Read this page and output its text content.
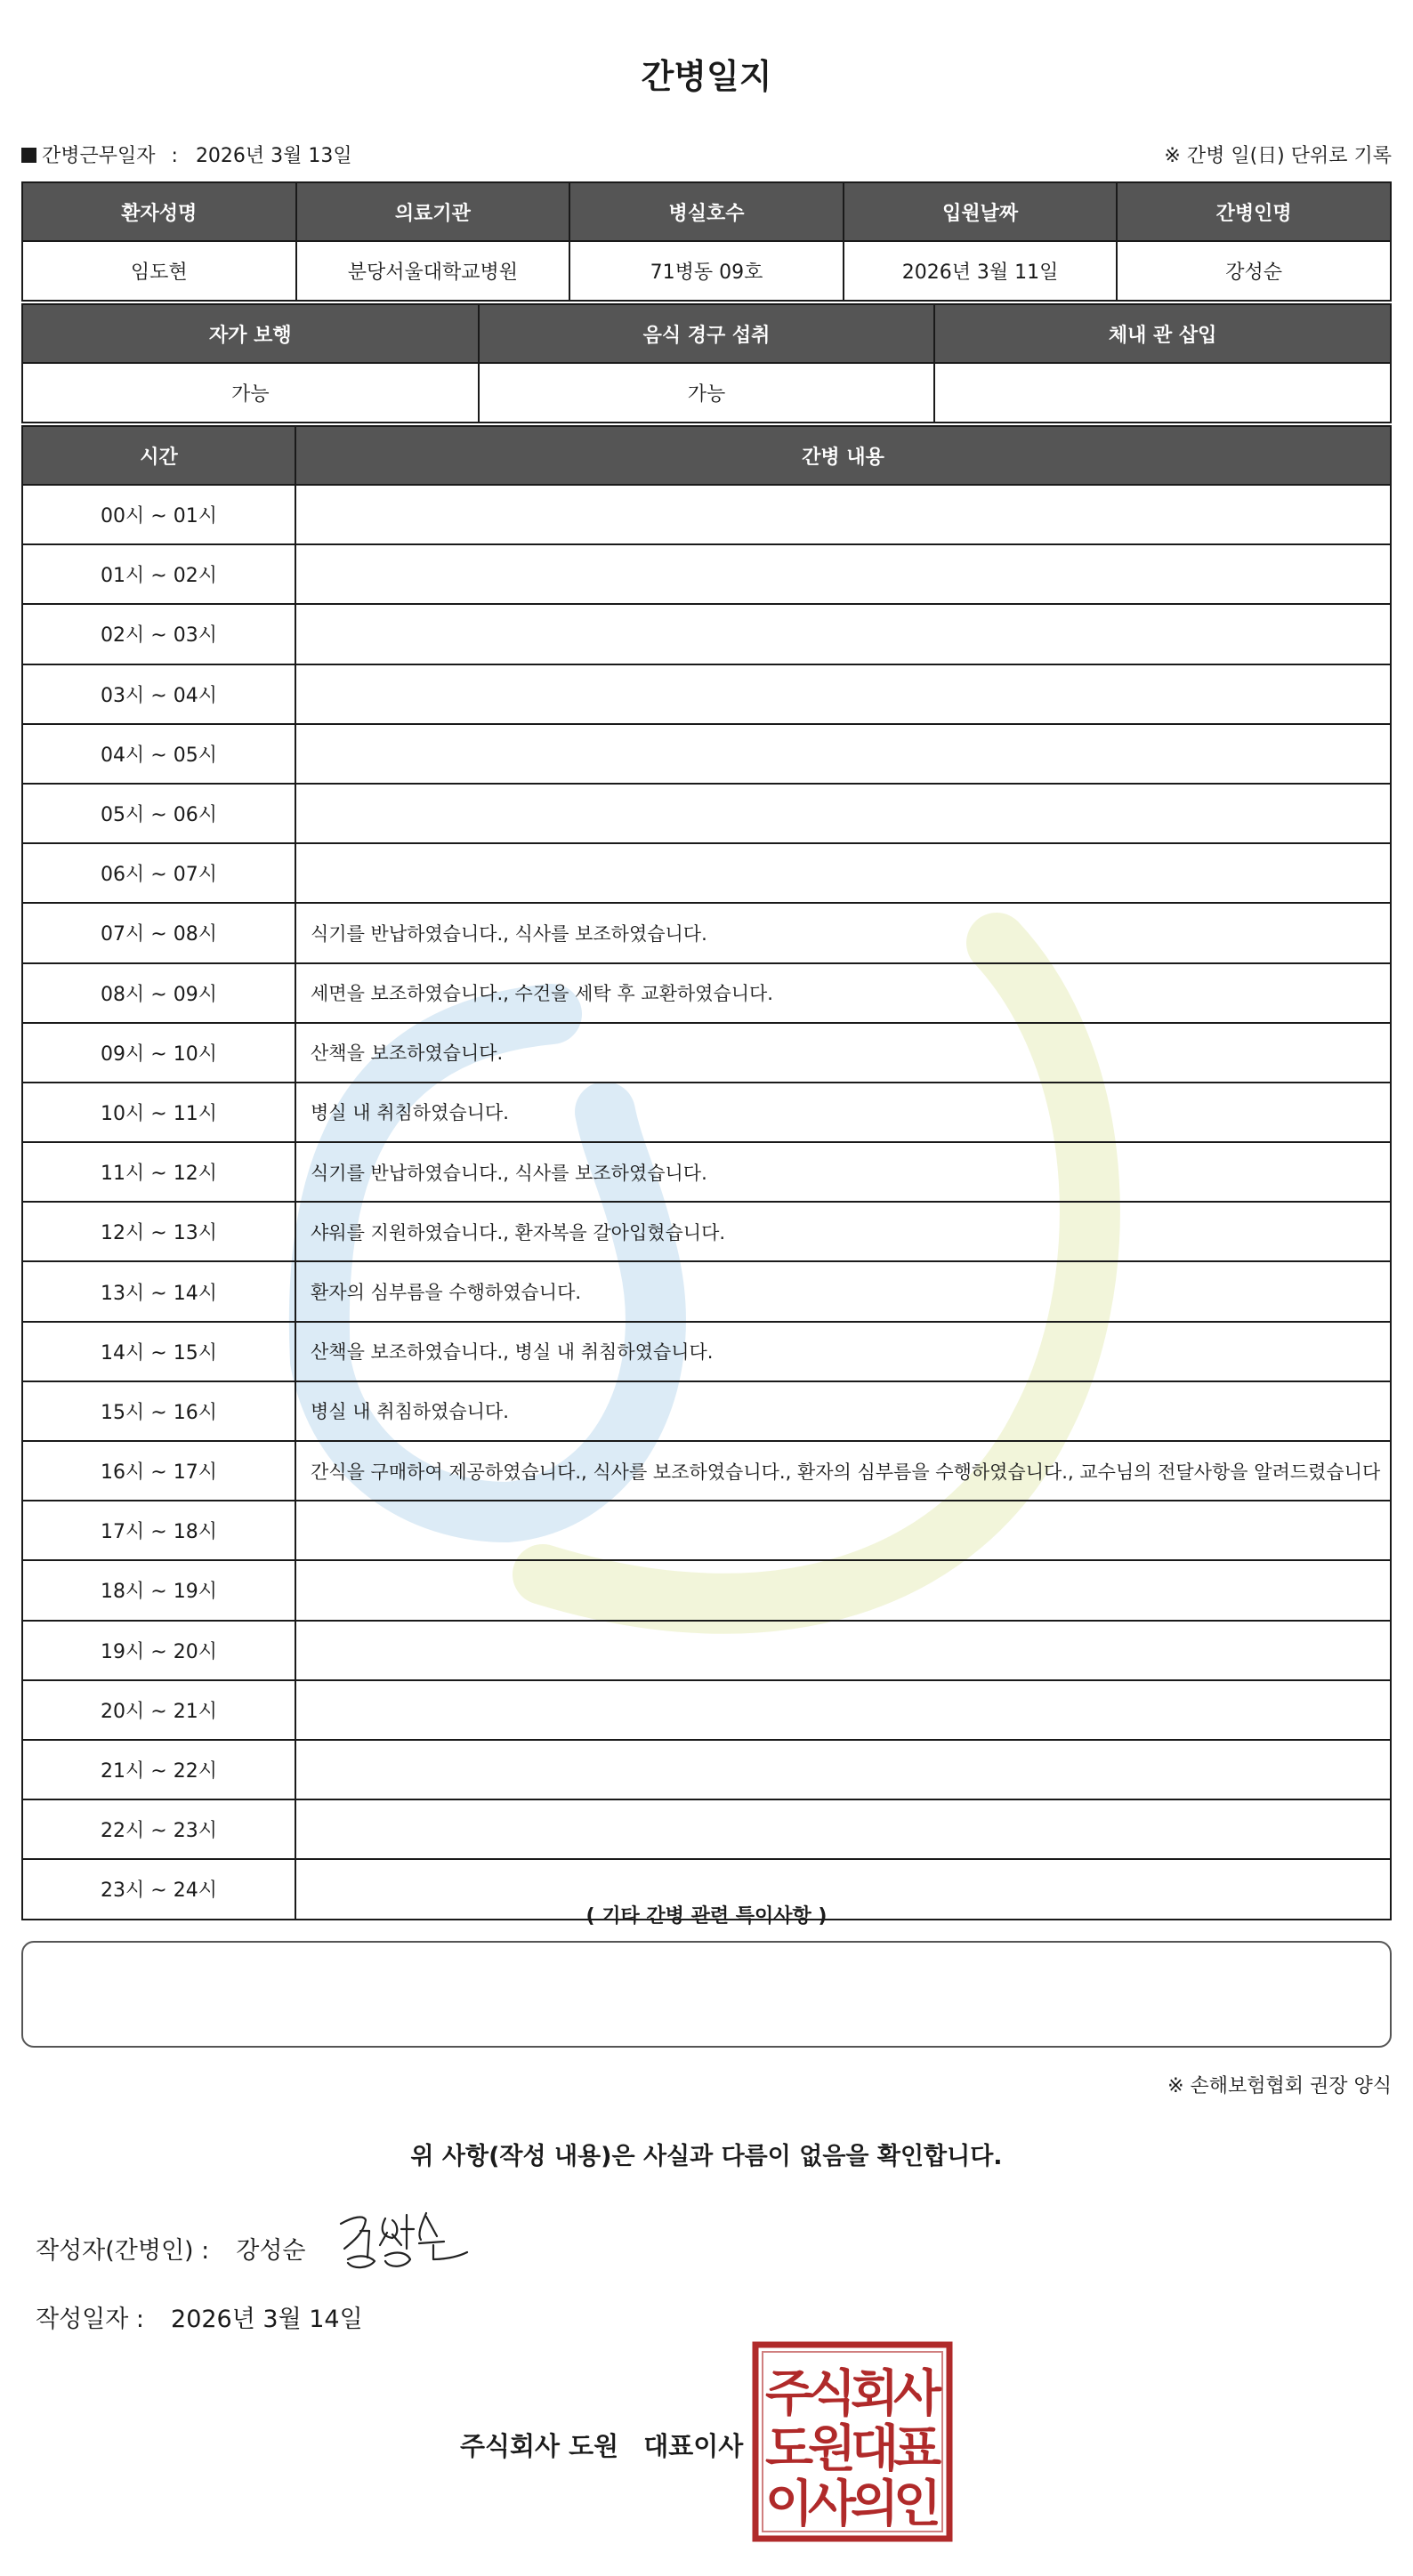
간병일지
간병근무일자 : 2026년 3월 13일	※ 간병 일(日) 단위로 기록
환자성명	의료기관	병실호수	입원날짜	간병인명
임도현	분당서울대학교병원	71병동 09호	2026년 3월 11일	강성순
자가 보행	음식 경구 섭취	체내 관 삽입
가능	가능	
시간	간병 내용
00시 ~ 01시	
01시 ~ 02시	
02시 ~ 03시	
03시 ~ 04시	
04시 ~ 05시	
05시 ~ 06시	
06시 ~ 07시	
07시 ~ 08시	식기를 반납하였습니다., 식사를 보조하였습니다.
08시 ~ 09시	세면을 보조하였습니다., 수건을 세탁 후 교환하였습니다.
09시 ~ 10시	산책을 보조하였습니다.
10시 ~ 11시	병실 내 취침하였습니다.
11시 ~ 12시	식기를 반납하였습니다., 식사를 보조하였습니다.
12시 ~ 13시	샤워를 지원하였습니다., 환자복을 갈아입혔습니다.
13시 ~ 14시	환자의 심부름을 수행하였습니다.
14시 ~ 15시	산책을 보조하였습니다., 병실 내 취침하였습니다.
15시 ~ 16시	병실 내 취침하였습니다.
16시 ~ 17시	간식을 구매하여 제공하였습니다., 식사를 보조하였습니다., 환자의 심부름을 수행하였습니다., 교수님의 전달사항을 알려드렸습니다
17시 ~ 18시	
18시 ~ 19시	
19시 ~ 20시	
20시 ~ 21시	
21시 ~ 22시	
22시 ~ 23시	
23시 ~ 24시	
( 기타 간병 관련 특이사항 )
※ 손해보험협회 권장 양식
위 사항(작성 내용)은 사실과 다름이 없음을 확인합니다.
작성자(간병인) : 강성순
작성일자 : 2026년 3월 14일
주식회사 도원 대표이사
주
식
회
사
도
원
대
표
이
사
의
인
